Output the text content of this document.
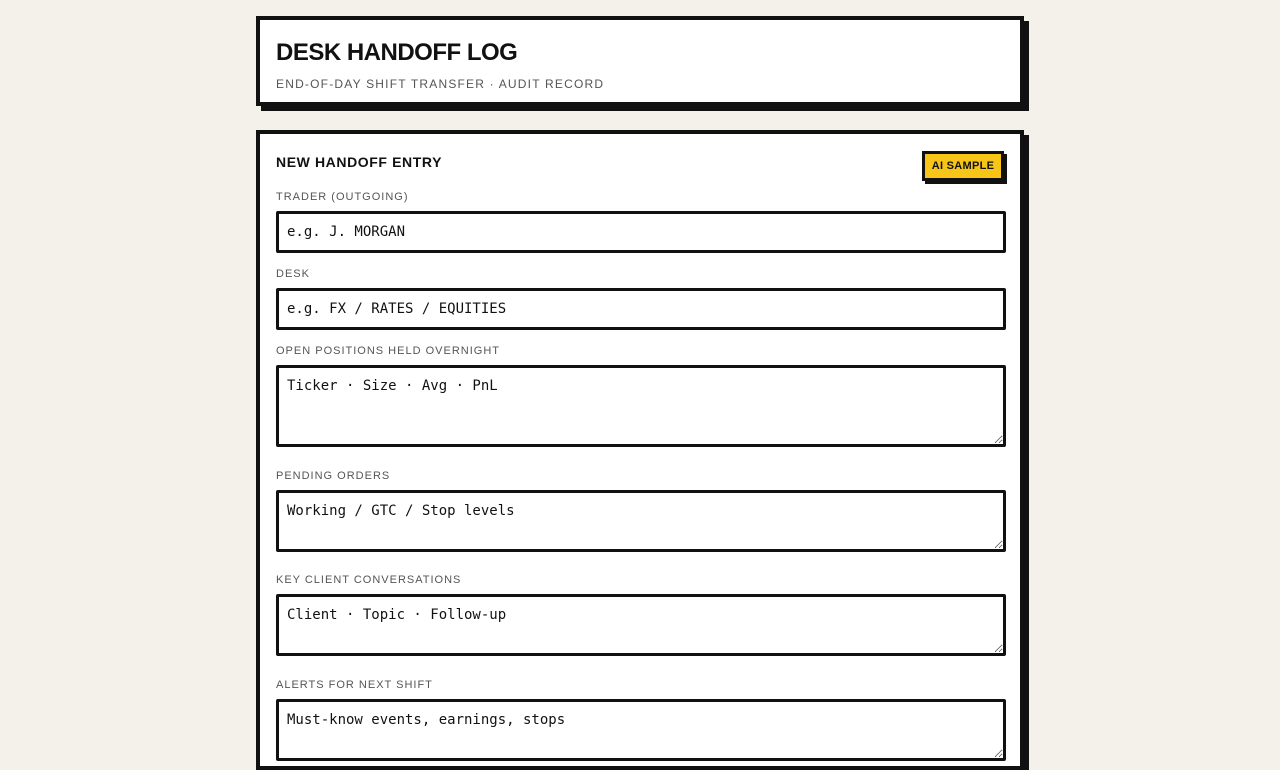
DESK HANDOFF LOG
END-OF-DAY SHIFT TRANSFER · AUDIT RECORD
NEW HANDOFF ENTRY	AI SAMPLE
TRADER (OUTGOING)
e.g. J. MORGAN
DESK
e.g. FX / RATES / EQUITIES
OPEN POSITIONS HELD OVERNIGHT
Ticker · Size · Avg · PnL
PENDING ORDERS
Working / GTC / Stop levels
KEY CLIENT CONVERSATIONS
Client · Topic · Follow-up
ALERTS FOR NEXT SHIFT
Must-know events, earnings, stops
